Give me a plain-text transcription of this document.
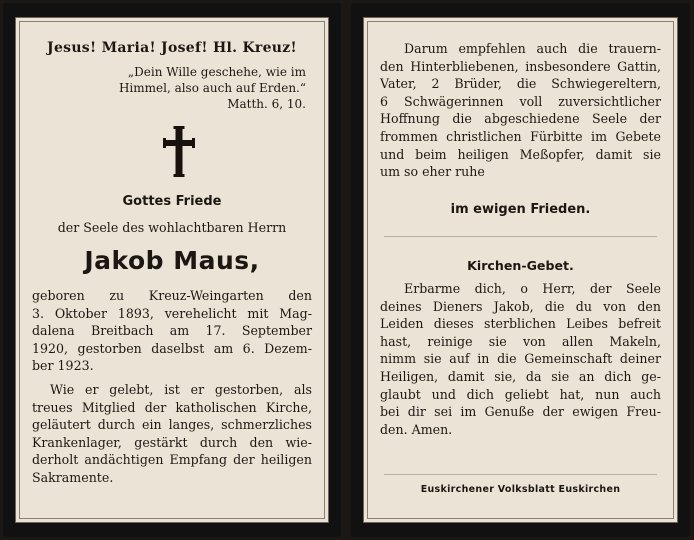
Jesus! Maria! Josef! Hl. Kreuz!
„Dein Wille geschehe, wie im
Himmel, also auch auf Erden.“
Matth. 6, 10.
Gottes Friede
der Seele des wohlachtbaren Herrn
Jakob Maus,
geboren zu Kreuz-Weingarten den
3. Oktober 1893, verehelicht mit Mag-
dalena Breitbach am 17. September
1920, gestorben daselbst am 6. Dezem-
ber 1923.
Wie er gelebt, ist er gestorben, als
treues Mitglied der katholischen Kirche,
geläutert durch ein langes, schmerzliches
Krankenlager, gestärkt durch den wie-
derholt andächtigen Empfang der heiligen
Sakramente.
Darum empfehlen auch die trauern-
den Hinterbliebenen, insbesondere Gattin,
Vater, 2 Brüder, die Schwiegereltern,
6 Schwägerinnen voll zuversichtlicher
Hoffnung die abgeschiedene Seele der
frommen christlichen Fürbitte im Gebete
und beim heiligen Meßopfer, damit sie
um so eher ruhe
im ewigen Frieden.
Kirchen-Gebet.
Erbarme dich, o Herr, der Seele
deines Dieners Jakob, die du von den
Leiden dieses sterblichen Leibes befreit
hast, reinige sie von allen Makeln,
nimm sie auf in die Gemeinschaft deiner
Heiligen, damit sie, da sie an dich ge-
glaubt und dich geliebt hat, nun auch
bei dir sei im Genuße der ewigen Freu-
den. Amen.
Euskirchener Volksblatt Euskirchen
